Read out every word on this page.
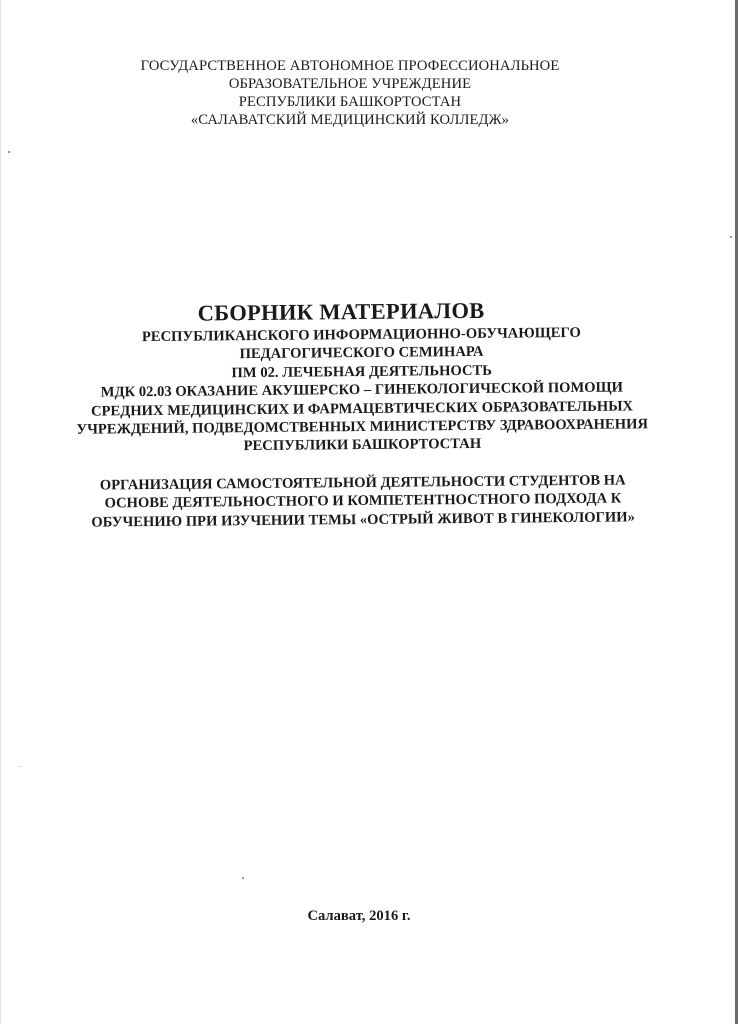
ГОСУДАРСТВЕННОЕ АВТОНОМНОЕ ПРОФЕССИОНАЛЬНОЕ
ОБРАЗОВАТЕЛЬНОЕ УЧРЕЖДЕНИЕ
РЕСПУБЛИКИ БАШКОРТОСТАН
«САЛАВАТСКИЙ МЕДИЦИНСКИЙ КОЛЛЕДЖ»
СБОРНИК МАТЕРИАЛОВ
РЕСПУБЛИКАНСКОГО ИНФОРМАЦИОННО-ОБУЧАЮЩЕГО
ПЕДАГОГИЧЕСКОГО СЕМИНАРА
ПМ 02. ЛЕЧЕБНАЯ ДЕЯТЕЛЬНОСТЬ
МДК 02.03 ОКАЗАНИЕ АКУШЕРСКО – ГИНЕКОЛОГИЧЕСКОЙ ПОМОЩИ
СРЕДНИХ МЕДИЦИНСКИХ И ФАРМАЦЕВТИЧЕСКИХ ОБРАЗОВАТЕЛЬНЫХ
УЧРЕЖДЕНИЙ, ПОДВЕДОМСТВЕННЫХ МИНИСТЕРСТВУ ЗДРАВООХРАНЕНИЯ
РЕСПУБЛИКИ БАШКОРТОСТАН
ОРГАНИЗАЦИЯ САМОСТОЯТЕЛЬНОЙ ДЕЯТЕЛЬНОСТИ СТУДЕНТОВ НА
ОСНОВЕ ДЕЯТЕЛЬНОСТНОГО И КОМПЕТЕНТНОСТНОГО ПОДХОДА К
ОБУЧЕНИЮ ПРИ ИЗУЧЕНИИ ТЕМЫ «ОСТРЫЙ ЖИВОТ В ГИНЕКОЛОГИИ»
Салават, 2016 г.
